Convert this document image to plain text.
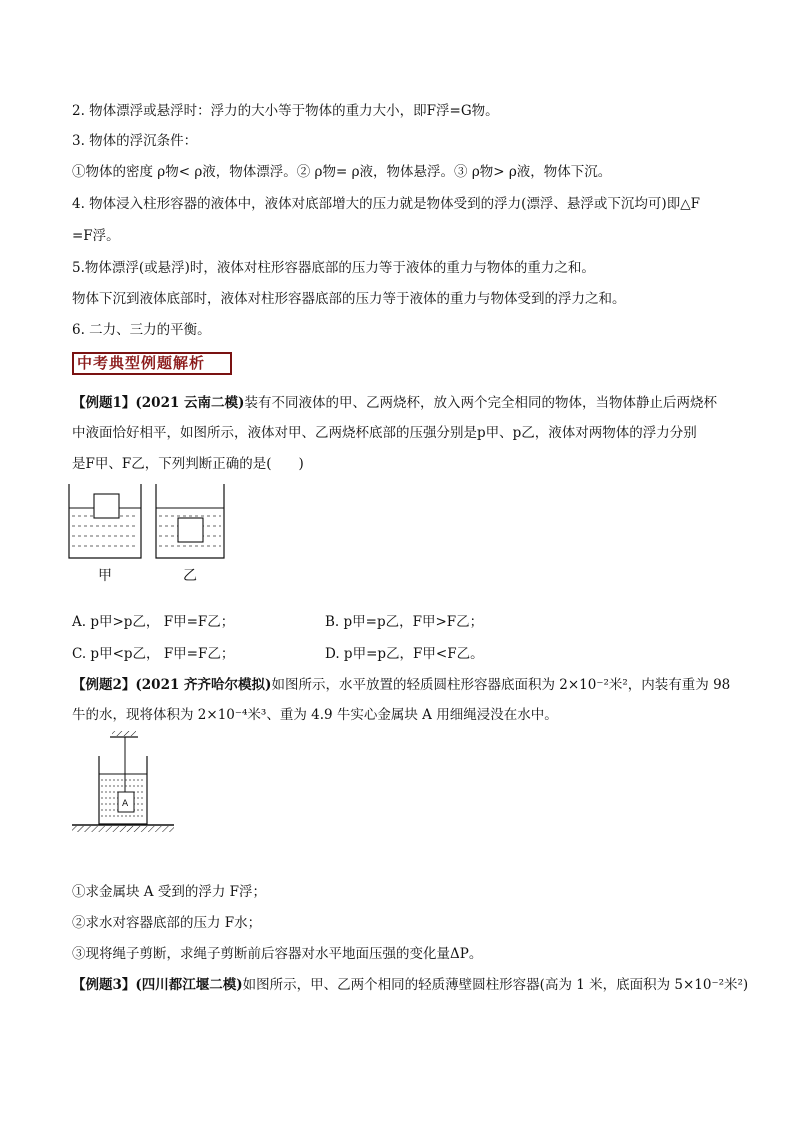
2. 物体漂浮或悬浮时：浮力的大小等于物体的重力大小，即F浮=G物。
3. 物体的浮沉条件：
①物体的密度 ρ物< ρ液，物体漂浮。② ρ物= ρ液，物体悬浮。③ ρ物> ρ液，物体下沉。
4. 物体浸入柱形容器的液体中，液体对底部增大的压力就是物体受到的浮力(漂浮、悬浮或下沉均可)即△F
=F浮。
5.物体漂浮(或悬浮)时，液体对柱形容器底部的压力等于液体的重力与物体的重力之和。
物体下沉到液体底部时，液体对柱形容器底部的压力等于液体的重力与物体受到的浮力之和。
6. 二力、三力的平衡。
中考典型例题解析
【例题1】(2021 云南二模)装有不同液体的甲、乙两烧杯，放入两个完全相同的物体，当物体静止后两烧杯
中液面恰好相平，如图所示，液体对甲、乙两烧杯底部的压强分别是p甲、p乙，液体对两物体的浮力分别
是F甲、F乙，下列判断正确的是(　　)
甲	乙
A. p甲>p乙， F甲=F乙；	B. p甲=p乙，F甲>F乙；
C. p甲<p乙， F甲=F乙；	D. p甲=p乙，F甲<F乙。
【例题2】(2021 齐齐哈尔模拟)如图所示，水平放置的轻质圆柱形容器底面积为 2×10⁻²米²，内装有重为 98
牛的水，现将体积为 2×10⁻⁴米³、重为 4.9 牛实心金属块 A 用细绳浸没在水中。
A
①求金属块 A 受到的浮力 F浮；
②求水对容器底部的压力 F水；
③现将绳子剪断，求绳子剪断前后容器对水平地面压强的变化量ΔP。
【例题3】(四川都江堰二模)如图所示，甲、乙两个相同的轻质薄壁圆柱形容器(高为 1 米，底面积为 5×10⁻²米²)
